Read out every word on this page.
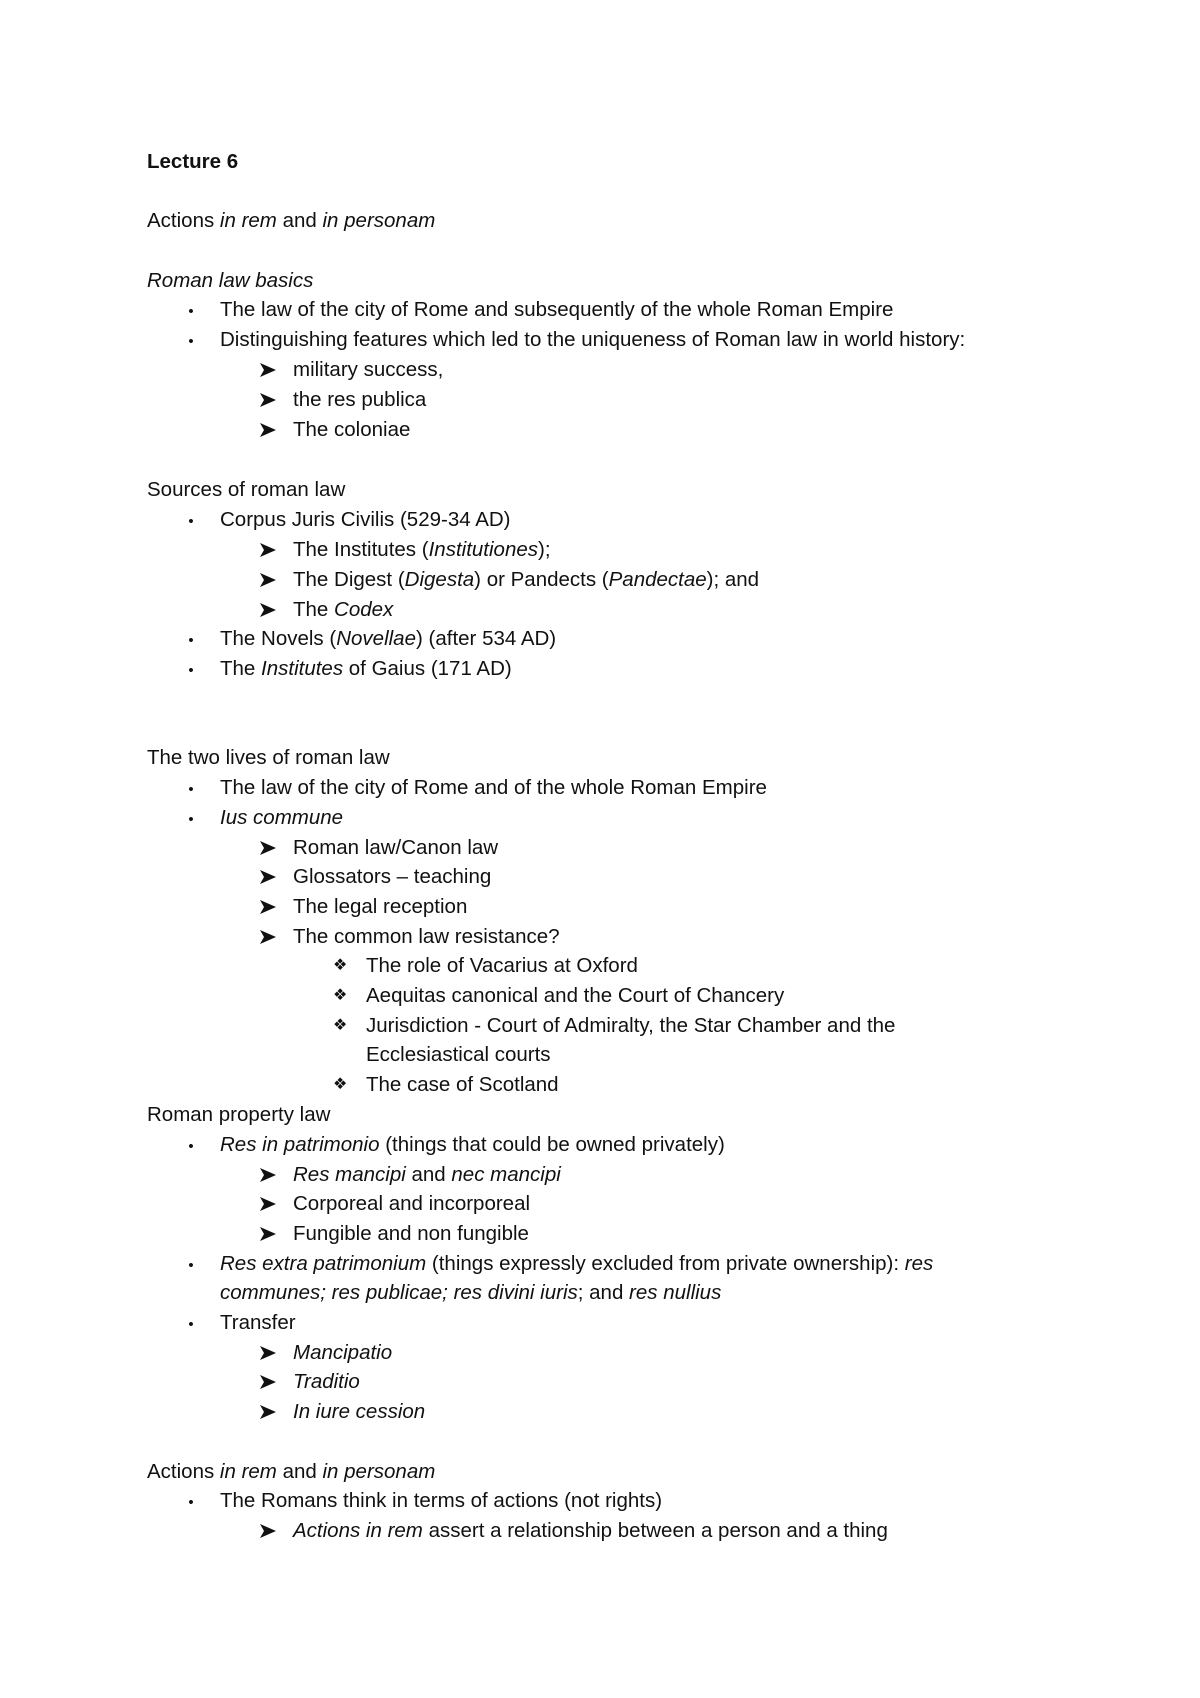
Lecture 6
Actions in rem and in personam
Roman law basics
•
The law of the city of Rome and subsequently of the whole Roman Empire
•
Distinguishing features which led to the uniqueness of Roman law in world history:
military success,
the res publica
The coloniae
Sources of roman law
•
Corpus Juris Civilis (529-34 AD)
The Institutes (Institutiones);
The Digest (Digesta) or Pandects (Pandectae); and
The Codex
•
The Novels (Novellae) (after 534 AD)
•
The Institutes of Gaius (171 AD)
The two lives of roman law
•
The law of the city of Rome and of the whole Roman Empire
•
Ius commune
Roman law/Canon law
Glossators – teaching
The legal reception
The common law resistance?
❖ The role of Vacarius at Oxford
❖ Aequitas canonical and the Court of Chancery
❖ Jurisdiction - Court of Admiralty, the Star Chamber and the
Ecclesiastical courts
❖ The case of Scotland
Roman property law
•
Res in patrimonio (things that could be owned privately)
Res mancipi and nec mancipi
Corporeal and incorporeal
Fungible and non fungible
•
Res extra patrimonium (things expressly excluded from private ownership): res
communes; res publicae; res divini iuris; and res nullius
•
Transfer
Mancipatio
Traditio
In iure cession
Actions in rem and in personam
•
The Romans think in terms of actions (not rights)
Actions in rem assert a relationship between a person and a thing
